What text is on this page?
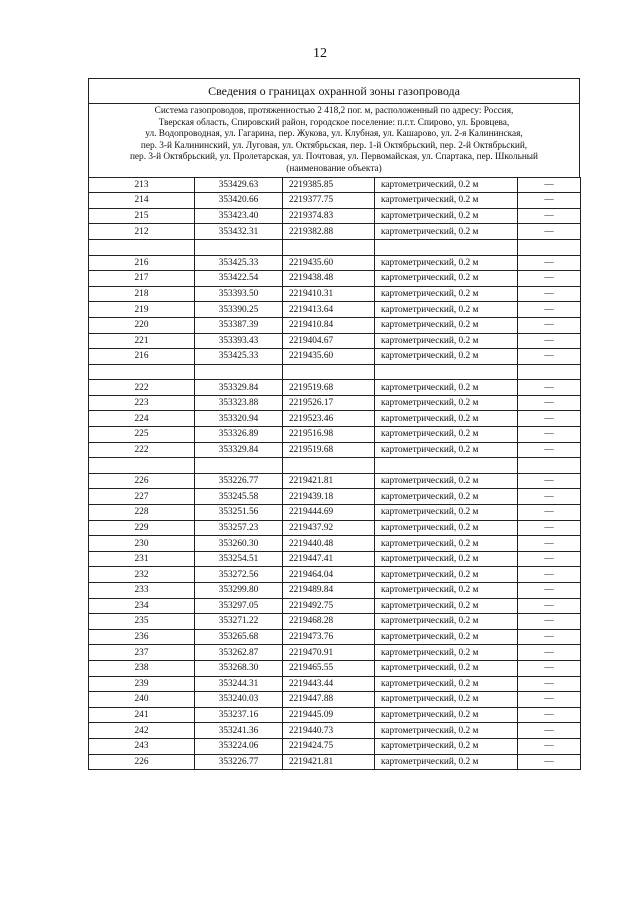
12
Сведения о границах охранной зоны газопровода
Система газопроводов, протяженностью 2 418,2 пог. м, расположенный по адресу: Россия,
Тверская область, Спировский район, городское поселение: п.г.т. Спирово, ул. Бровцева,
ул. Водопроводная, ул. Гагарина, пер. Жукова, ул. Клубная, ул. Кашарово, ул. 2-я Калининская,
пер. 3-й Калининский, ул. Луговая, ул. Октябрьская, пер. 1-й Октябрьский, пер. 2-й Октябрьский,
пер. 3-й Октябрьский, ул. Пролетарская, ул. Почтовая, ул. Первомайская, ул. Спартака, пер. Школьный
(наименование объекта)
213	353429.63	2219385.85	картометрический, 0.2 м	—
214	353420.66	2219377.75	картометрический, 0.2 м	—
215	353423.40	2219374.83	картометрический, 0.2 м	—
212	353432.31	2219382.88	картометрический, 0.2 м	—

216	353425.33	2219435.60	картометрический, 0.2 м	—
217	353422.54	2219438.48	картометрический, 0.2 м	—
218	353393.50	2219410.31	картометрический, 0.2 м	—
219	353390.25	2219413.64	картометрический, 0.2 м	—
220	353387.39	2219410.84	картометрический, 0.2 м	—
221	353393.43	2219404.67	картометрический, 0.2 м	—
216	353425.33	2219435.60	картометрический, 0.2 м	—

222	353329.84	2219519.68	картометрический, 0.2 м	—
223	353323.88	2219526.17	картометрический, 0.2 м	—
224	353320.94	2219523.46	картометрический, 0.2 м	—
225	353326.89	2219516.98	картометрический, 0.2 м	—
222	353329.84	2219519.68	картометрический, 0.2 м	—

226	353226.77	2219421.81	картометрический, 0.2 м	—
227	353245.58	2219439.18	картометрический, 0.2 м	—
228	353251.56	2219444.69	картометрический, 0.2 м	—
229	353257.23	2219437.92	картометрический, 0.2 м	—
230	353260.30	2219440.48	картометрический, 0.2 м	—
231	353254.51	2219447.41	картометрический, 0.2 м	—
232	353272.56	2219464.04	картометрический, 0.2 м	—
233	353299.80	2219489.84	картометрический, 0.2 м	—
234	353297.05	2219492.75	картометрический, 0.2 м	—
235	353271.22	2219468.28	картометрический, 0.2 м	—
236	353265.68	2219473.76	картометрический, 0.2 м	—
237	353262.87	2219470.91	картометрический, 0.2 м	—
238	353268.30	2219465.55	картометрический, 0.2 м	—
239	353244.31	2219443.44	картометрический, 0.2 м	—
240	353240.03	2219447.88	картометрический, 0.2 м	—
241	353237.16	2219445.09	картометрический, 0.2 м	—
242	353241.36	2219440.73	картометрический, 0.2 м	—
243	353224.06	2219424.75	картометрический, 0.2 м	—
226	353226.77	2219421.81	картометрический, 0.2 м	—
